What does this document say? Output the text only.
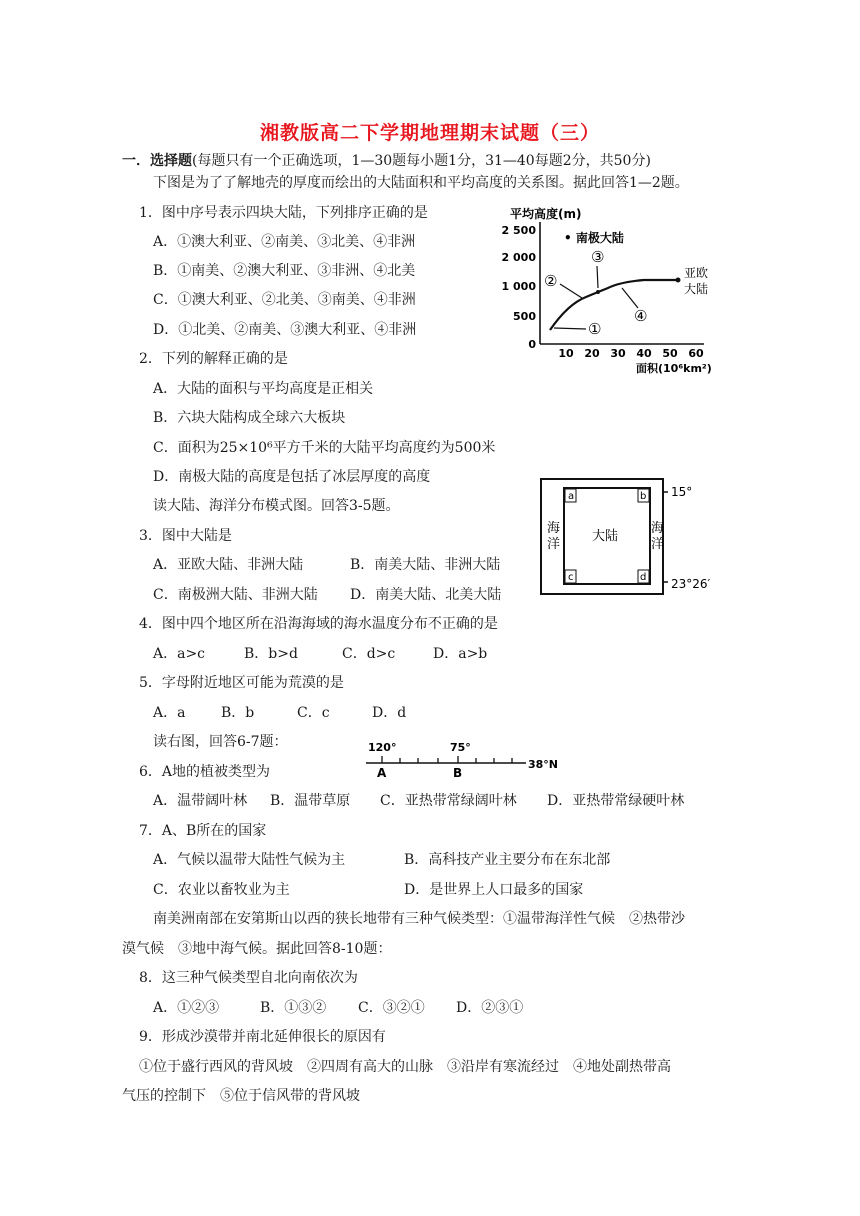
湘教版高二下学期地理期末试题（三）
一．选择题(每题只有一个正确选项，1—30题每小题1分，31—40每题2分，共50分)
下图是为了了解地壳的厚度而绘出的大陆面积和平均高度的关系图。据此回答1—2题。
1．图中序号表示四块大陆，下列排序正确的是
A．①澳大利亚、②南美、③北美、④非洲
B．①南美、②澳大利亚、③非洲、④北美
C．①澳大利亚、②北美、③南美、④非洲
D．①北美、②南美、③澳大利亚、④非洲
2．下列的解释正确的是
A．大陆的面积与平均高度是正相关
B．六块大陆构成全球六大板块
C．面积为25×10⁶平方千米的大陆平均高度约为500米
D．南极大陆的高度是包括了冰层厚度的高度
读大陆、海洋分布模式图。回答3-5题。
3．图中大陆是
A．亚欧大陆、非洲大陆	B．南美大陆、非洲大陆
C．南极洲大陆、非洲大陆 D．南美大陆、北美大陆
4．图中四个地区所在沿海海域的海水温度分布不正确的是
A．a>c	B．b>d	C．d>c	D．a>b
5．字母附近地区可能为荒漠的是
A．a	B．b	C．c	D．d
读右图，回答6-7题：
6．A地的植被类型为
A．温带阔叶林 B．温带草原 C．亚热带常绿阔叶林 D．亚热带常绿硬叶林
7．A、B所在的国家
A．气候以温带大陆性气候为主	B．高科技产业主要分布在东北部
C．农业以畜牧业为主	D．是世界上人口最多的国家
南美洲南部在安第斯山以西的狭长地带有三种气候类型：①温带海洋性气候　②热带沙
漠气候　③地中海气候。据此回答8-10题：
8．这三种气候类型自北向南依次为
A．①②③	B．①③② C．③②① D．②③①
9．形成沙漠带并南北延伸很长的原因有
①位于盛行西风的背风坡　②四周有高大的山脉　③沿岸有寒流经过　④地处副热带高
气压的控制下　⑤位于信风带的背风坡
平均高度(m)
2 500
2 000
1 000
500
0
10 20 30 40 50 60
面积(10⁶km²)
• 南极大陆
亚欧
大陆
②
③
④
①
a	b
c	d
海
洋
海
洋
大陆
15°
23°26′
120°	75°
A	B
38°N
